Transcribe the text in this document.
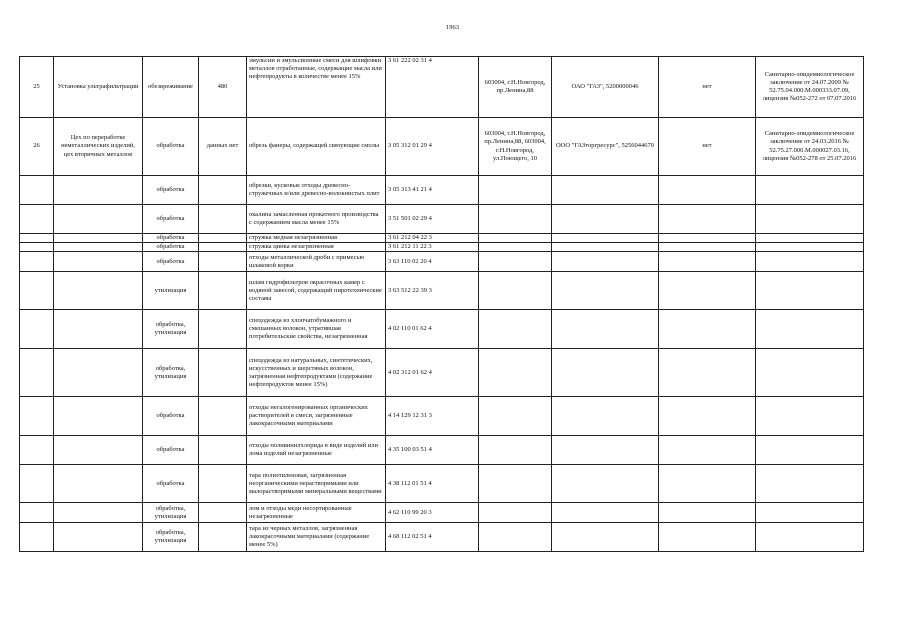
1963
25	Установка ультрафильтрации	обезвреживание	480	эмульсии и эмульсионные смеси для шлифовки металлов отработанные, содержащие масла или нефтепродукты в количестве менее 15%	3 61 222 02 31 4	603004, г.Н.Новгород, пр.Ленина,88	ОАО "ГАЗ", 5200000046	нет	Санитарно-эпидемиологическое заключение от 24.07.2009 № 52.75.04.000.М.000333.07.09, лицензия №052-272 от 07.07.2016
26	Цех по переработке неметаллических изделий, цех вторичных металлов	обработка	данных нет	обрезь фанеры, содержащей связующие смолы	3 05 312 01 29 4	603004, г.Н.Новгород, пр.Ленина,88, 603004, г.Н.Новгород, ул.Поющего, 10	ООО "ГАЗторгресурс", 5256044670	нет	Санитарно-эпидемиологическое заключение от 24.03.2016 № 52.75.27.000.М.000027.03.16, лицензия №052-278 от 25.07.2016
		обработка		обрезки, кусковые отходы древесно-стружечных и/или древесно-волокнистых плит	3 05 313 41 21 4				
		обработка		окалина замасленная прокатного производства с содержанием масла менее 15%	3 51 501 02 29 4				
		обработка		стружка медная незагрязненная	3 61 212 04 22 3				
		обработка		стружка цинка незагрязненная	3 61 212 11 22 3				
		обработка		отходы металлической дроби с примесью шлаковой корки	3 63 110 02 20 4				
		утилизация		шлам гидрофильтров окрасочных камер с водяной завесой, содержащий пиротехнические составы	3 63 512 22 39 3				
		обработка, утилизация		спецодежда из хлопчатобумажного и смешанных волокон, утратившая потребительские свойства, незагрязненная	4 02 110 01 62 4				
		обработка, утилизация		спецодежда из натуральных, синтетических, искусственных и шерстяных волокон, загрязненная нефтепродуктами (содержание нефтепродуктов менее 15%)	4 02 312 01 62 4				
		обработка		отходы негалогенированных органических растворителей в смеси, загрязненные лакокрасочными материалами	4 14 129 12 31 3				
		обработка		отходы поливинилхлорида в виде изделий или лома изделий незагрязненные	4 35 100 03 51 4				
		обработка		тара полиэтиленовая, загрязненная неорганическими нерастворимыми или малорастворимыми минеральными веществами	4 38 112 01 51 4				
		обработка, утилизация		лом и отходы меди несортированные незагрязненные	4 62 110 99 20 3				
		обработка, утилизация		тара из черных металлов, загрязненная лакокрасочными материалами (содержание менее 5%)	4 68 112 02 51 4				
